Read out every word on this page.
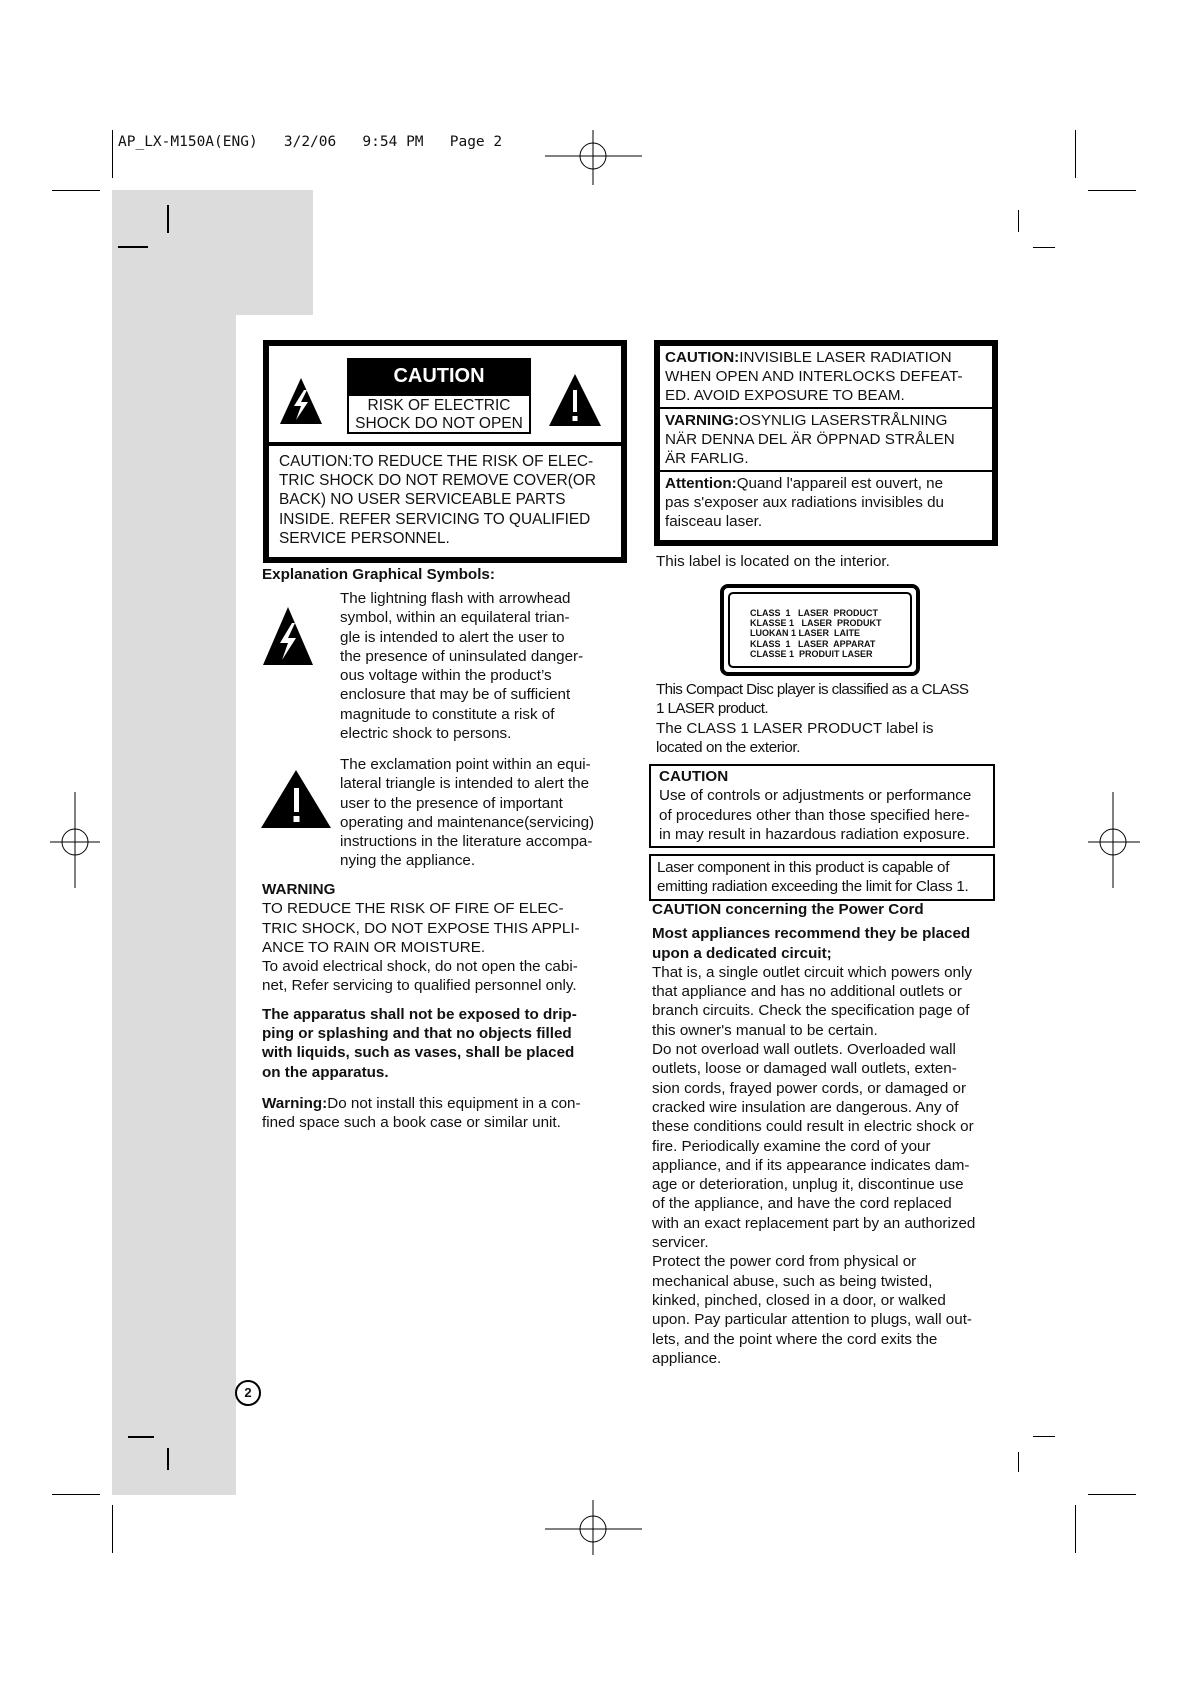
AP_LX-M150A(ENG)   3/2/06   9:54 PM   Page 2
CAUTION
RISK OF ELECTRIC
SHOCK DO NOT OPEN
CAUTION:TO REDUCE THE RISK OF ELEC-
TRIC SHOCK DO NOT REMOVE COVER(OR
BACK) NO USER SERVICEABLE PARTS
INSIDE. REFER SERVICING TO QUALIFIED
SERVICE PERSONNEL.
Explanation Graphical Symbols:
The lightning flash with arrowhead
symbol, within an equilateral trian-
gle is intended to alert the user to
the presence of uninsulated danger-
ous voltage within the product’s
enclosure that may be of sufficient
magnitude to constitute a risk of
electric shock to persons.
The exclamation point within an equi-
lateral triangle is intended to alert the
user to the presence of important
operating and maintenance(servicing)
instructions in the literature accompa-
nying the appliance.
WARNING
TO REDUCE THE RISK OF FIRE OF ELEC-
TRIC SHOCK, DO NOT EXPOSE THIS APPLI-
ANCE TO RAIN OR MOISTURE.
To avoid electrical shock, do not open the cabi-
net, Refer servicing to qualified personnel only.
The apparatus shall not be exposed to drip-
ping or splashing and that no objects filled
with liquids, such as vases, shall be placed
on the apparatus.
Warning:Do not install this equipment in a con-
fined space such a book case or similar unit.
CAUTION:INVISIBLE LASER RADIATION
WHEN OPEN AND INTERLOCKS DEFEAT-
ED. AVOID EXPOSURE TO BEAM.
VARNING:OSYNLIG LASERSTRÅLNING
NÄR DENNA DEL ÄR ÖPPNAD STRÅLEN
ÄR FARLIG.
Attention:Quand l'appareil est ouvert, ne
pas s'exposer aux radiations invisibles du
faisceau laser.
This label is located on the interior.
CLASS  1   LASER  PRODUCT
KLASSE 1   LASER  PRODUKT
LUOKAN 1 LASER  LAITE
KLASS  1   LASER  APPARAT
CLASSE 1  PRODUIT LASER
This Compact Disc player is classified as a CLASS
1 LASER product.
The CLASS 1 LASER PRODUCT label is
located on the exterior.
CAUTION
Use of controls or adjustments or performance
of procedures other than those specified here-
in may result in hazardous radiation exposure.
Laser component in this product is capable of
emitting radiation exceeding the limit for Class 1.
CAUTION concerning the Power Cord
Most appliances recommend they be placed
upon a dedicated circuit;
That is, a single outlet circuit which powers only
that appliance and has no additional outlets or
branch circuits. Check the specification page of
this owner's manual to be certain.
Do not overload wall outlets. Overloaded wall
outlets, loose or damaged wall outlets, exten-
sion cords, frayed power cords, or damaged or
cracked wire insulation are dangerous. Any of
these conditions could result in electric shock or
fire. Periodically examine the cord of your
appliance, and if its appearance indicates dam-
age or deterioration, unplug it, discontinue use
of the appliance, and have the cord replaced
with an exact replacement part by an authorized
servicer.
Protect the power cord from physical or
mechanical abuse, such as being twisted,
kinked, pinched, closed in a door, or walked
upon. Pay particular attention to plugs, wall out-
lets, and the point where the cord exits the
appliance.
2
